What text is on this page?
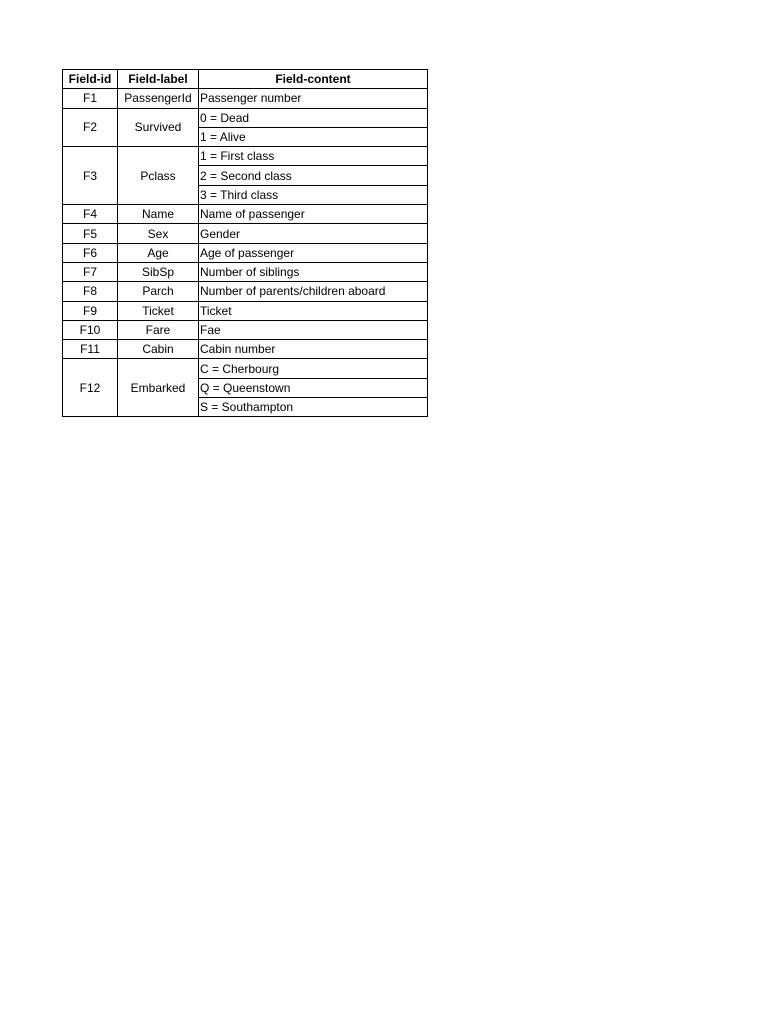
Field-id	Field-label	Field-content
F1	PassengerId	Passenger number
F2	Survived	0 = Dead
		1 = Alive
F3	Pclass	1 = First class
		2 = Second class
		3 = Third class
F4	Name	Name of passenger
F5	Sex	Gender
F6	Age	Age of passenger
F7	SibSp	Number of siblings
F8	Parch	Number of parents/children aboard
F9	Ticket	Ticket
F10	Fare	Fae
F11	Cabin	Cabin number
F12	Embarked	C = Cherbourg
		Q = Queenstown
		S = Southampton
